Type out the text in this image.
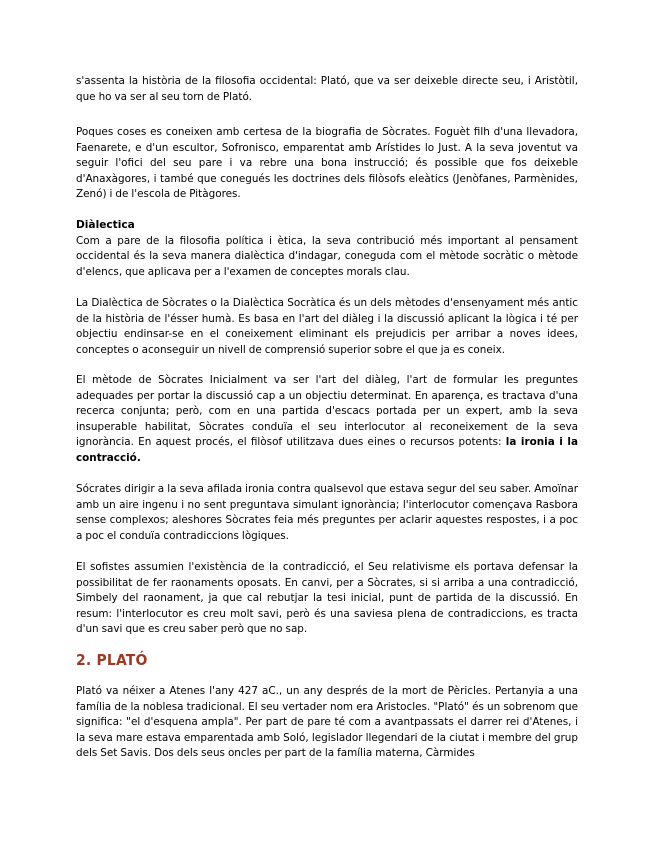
s'assenta la història de la filosofia occidental: Plató, que va ser deixeble directe seu, i Aristòtil, que ho va ser al seu torn de Plató.

Poques coses es coneixen amb certesa de la biografia de Sòcrates. Foguèt filh d'una llevadora, Faenarete, e d'un escultor, Sofronisco, emparentat amb Arístides lo Just. A la seva joventut va seguir l'ofici del seu pare i va rebre una bona instrucció; és possible que fos deixeble d'Anaxàgores, i també que conegués les doctrines dels filòsofs eleàtics (Jenòfanes, Parmènides, Zenó) i de l'escola de Pitàgores.

Diàlectica

Com a pare de la filosofia política i ètica, la seva contribució més important al pensament occidental és la seva manera dialèctica d'indagar, coneguda com el mètode socràtic o mètode d'elencs, que aplicava per a l'examen de conceptes morals clau.

La Dialèctica de Sòcrates o la Dialèctica Socràtica és un dels mètodes d'ensenyament més antic de la història de l'ésser humà. Es basa en l'art del diàleg i la discussió aplicant la lògica i té per objectiu endinsar-se en el coneixement eliminant els prejudicis per arribar a noves idees, conceptes o aconseguir un nivell de comprensió superior sobre el que ja es coneix.

El mètode de Sòcrates Inicialment va ser l'art del diàleg, l'art de formular les preguntes adequades per portar la discussió cap a un objectiu determinat. En aparença, es tractava d'una recerca conjunta; però, com en una partida d'escacs portada per un expert, amb la seva insuperable habilitat, Sòcrates conduïa el seu interlocutor al reconeixement de la seva ignorància. En aquest procés, el filòsof utilitzava dues eines o recursos potents: la ironia i la contracció.

Sócrates dirigir a la seva afilada ironia contra qualsevol que estava segur del seu saber. Amoïnar amb un aire ingenu i no sent preguntava simulant ignorància; l'interlocutor començava Rasbora sense complexos; aleshores Sòcrates feia més preguntes per aclarir aquestes respostes, i a poc a poc el conduïa contradiccions lògiques.

El sofistes assumien l'existència de la contradicció, el Seu relativisme els portava defensar la possibilitat de fer raonaments oposats. En canvi, per a Sòcrates, si si arriba a una contradicció, Simbely del raonament, ja que cal rebutjar la tesi inicial, punt de partida de la discussió. En resum: l'interlocutor es creu molt savi, però és una saviesa plena de contradiccions, es tracta d'un savi que es creu saber però que no sap.

2. PLATÓ

Plató va néixer a Atenes l'any 427 aC., un any després de la mort de Pèricles. Pertanyia a una família de la noblesa tradicional. El seu vertader nom era Aristocles. "Plató" és un sobrenom que significa: "el d'esquena ampla". Per part de pare té com a avantpassats el darrer rei d'Atenes, i la seva mare estava emparentada amb Soló, legislador llegendari de la ciutat i membre del grup dels Set Savis. Dos dels seus oncles per part de la família materna, Càrmides
